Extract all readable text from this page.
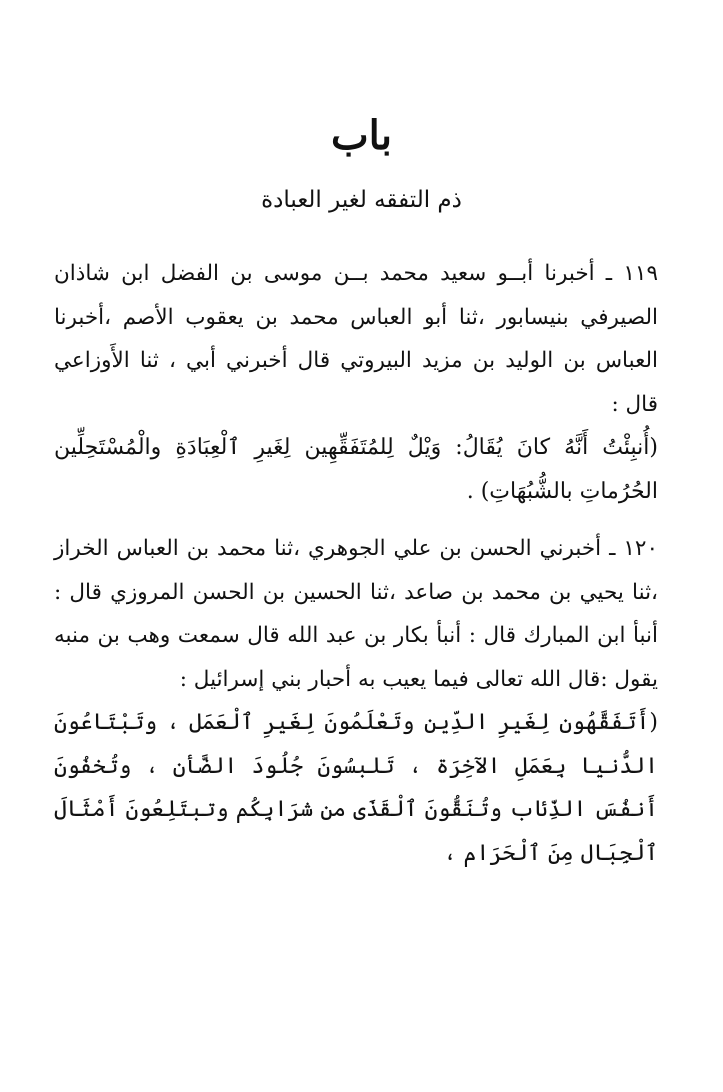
باب
ذم التفقه لغير العبادة

١١٩ ـ أخبرنا أبــو سعيد محمد بــن موسى بن الفضل ابن شاذان الصيرفي بنيسابور ،ثنا أبو العباس محمد بن يعقوب الأصم ،أخبرنا العباس بن الوليد بن مزيد البيروتي قال أخبرني أبي ، ثنا الأَوزاعي قال :

(أُنبِئْتُ أَنَّهُ كانَ يُقَالُ: وَيْلٌ لِلمُتَفَقِّهِين لِغَيرِ ٱلْعِبَادَةِ والْمُسْتَحِلِّين الحُرُماتِ بالشُّبُهَاتِ) .

١٢٠ ـ أخبرني الحسن بن علي الجوهري ،ثنا محمد بن العباس الخراز ،ثنا يحيي بن محمد بن صاعد ،ثنا الحسين بن الحسن المروزي قال : أنبأ ابن المبارك قال : أنبأ بكار بن عبد الله قال سمعت وهب بن منبه يقول :قال الله تعالى فيما يعيب به أحبار بني إسرائيل :

(أَتَفَقَّهُون لِغَيرِ الدِّين وتَعْلَمُونَ لِغَيرِ ٱلْعَمَل ، وتَبْتَاعُونَ الدُّنيا بِعَمَلِ الآخِرَة ، تَلبسُونَ جُلُودَ الضَّأن ، وتُخفُونَ أَنفُسَ الذِّئاب وتُنَقُّونَ ٱلْقَذَى من شرَابِكُم وتبتَلِعُونَ أَمْثَالَ ٱلْجِبَال مِنَ ٱلْحَرَام ،
